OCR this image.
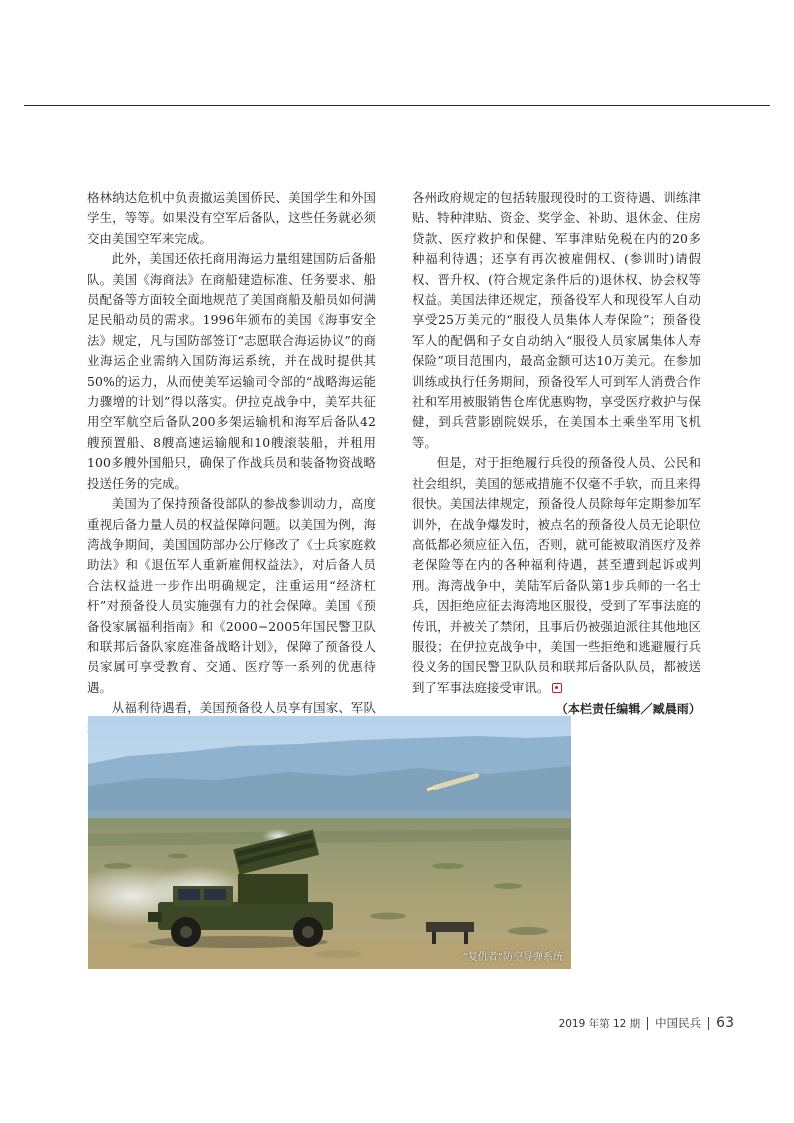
格林纳达危机中负责撤运美国侨民、美国学生和外国学生，等等。如果没有空军后备队，这些任务就必须交由美国空军来完成。

此外，美国还依托商用海运力量组建国防后备船队。美国《海商法》在商船建造标准、任务要求、船员配备等方面较全面地规范了美国商船及船员如何满足民船动员的需求。1996年颁布的美国《海事安全法》规定，凡与国防部签订“志愿联合海运协议”的商业海运企业需纳入国防海运系统，并在战时提供其50%的运力，从而使美军运输司令部的“战略海运能力骤增的计划”得以落实。伊拉克战争中，美军共征用空军航空后备队200多架运输机和海军后备队42艘预置船、8艘高速运输舰和10艘滚装船，并租用100多艘外国船只，确保了作战兵员和装备物资战略投送任务的完成。

美国为了保持预备役部队的参战参训动力，高度重视后备力量人员的权益保障问题。以美国为例，海湾战争期间，美国国防部办公厅修改了《士兵家庭救助法》和《退伍军人重新雇佣权益法》，对后备人员合法权益进一步作出明确规定，注重运用“经济杠杆”对预备役人员实施强有力的社会保障。美国《预备役家属福利指南》和《2000−2005年国民警卫队和联邦后备队家庭准备战略计划》，保障了预备役人员家属可享受教育、交通、医疗等一系列的优惠待遇。

从福利待遇看，美国预备役人员享有国家、军队

各州政府规定的包括转服现役时的工资待遇、训练津贴、特种津贴、资金、奖学金、补助、退休金、住房贷款、医疗救护和保健、军事津贴免税在内的20多种福利待遇；还享有再次被雇佣权、(参训时)请假权、晋升权、(符合规定条件后的)退休权、协会权等权益。美国法律还规定，预备役军人和现役军人自动享受25万美元的“服役人员集体人寿保险”；预备役军人的配偶和子女自动纳入“服役人员家属集体人寿保险”项目范围内，最高金额可达10万美元。在参加训练或执行任务期间，预备役军人可到军人消费合作社和军用被服销售仓库优惠购物，享受医疗救护与保健，到兵营影剧院娱乐，在美国本土乘坐军用飞机等。

但是，对于拒绝履行兵役的预备役人员、公民和社会组织，美国的惩戒措施不仅毫不手软，而且来得很快。美国法律规定，预备役人员除每年定期参加军训外，在战争爆发时，被点名的预备役人员无论职位高低都必须应征入伍，否则，就可能被取消医疗及养老保险等在内的各种福利待遇，甚至遭到起诉或判刑。海湾战争中，美陆军后备队第1步兵师的一名士兵，因拒绝应征去海湾地区服役，受到了军事法庭的传讯，并被关了禁闭，且事后仍被强迫派往其他地区服役；在伊拉克战争中，美国一些拒绝和逃避履行兵役义务的国民警卫队队员和联邦后备队队员，都被送到了军事法庭接受审讯。

（本栏责任编辑／臧晨雨）
“复仇者”防空导弹系统
2019 年第 12 期 中国民兵 63
